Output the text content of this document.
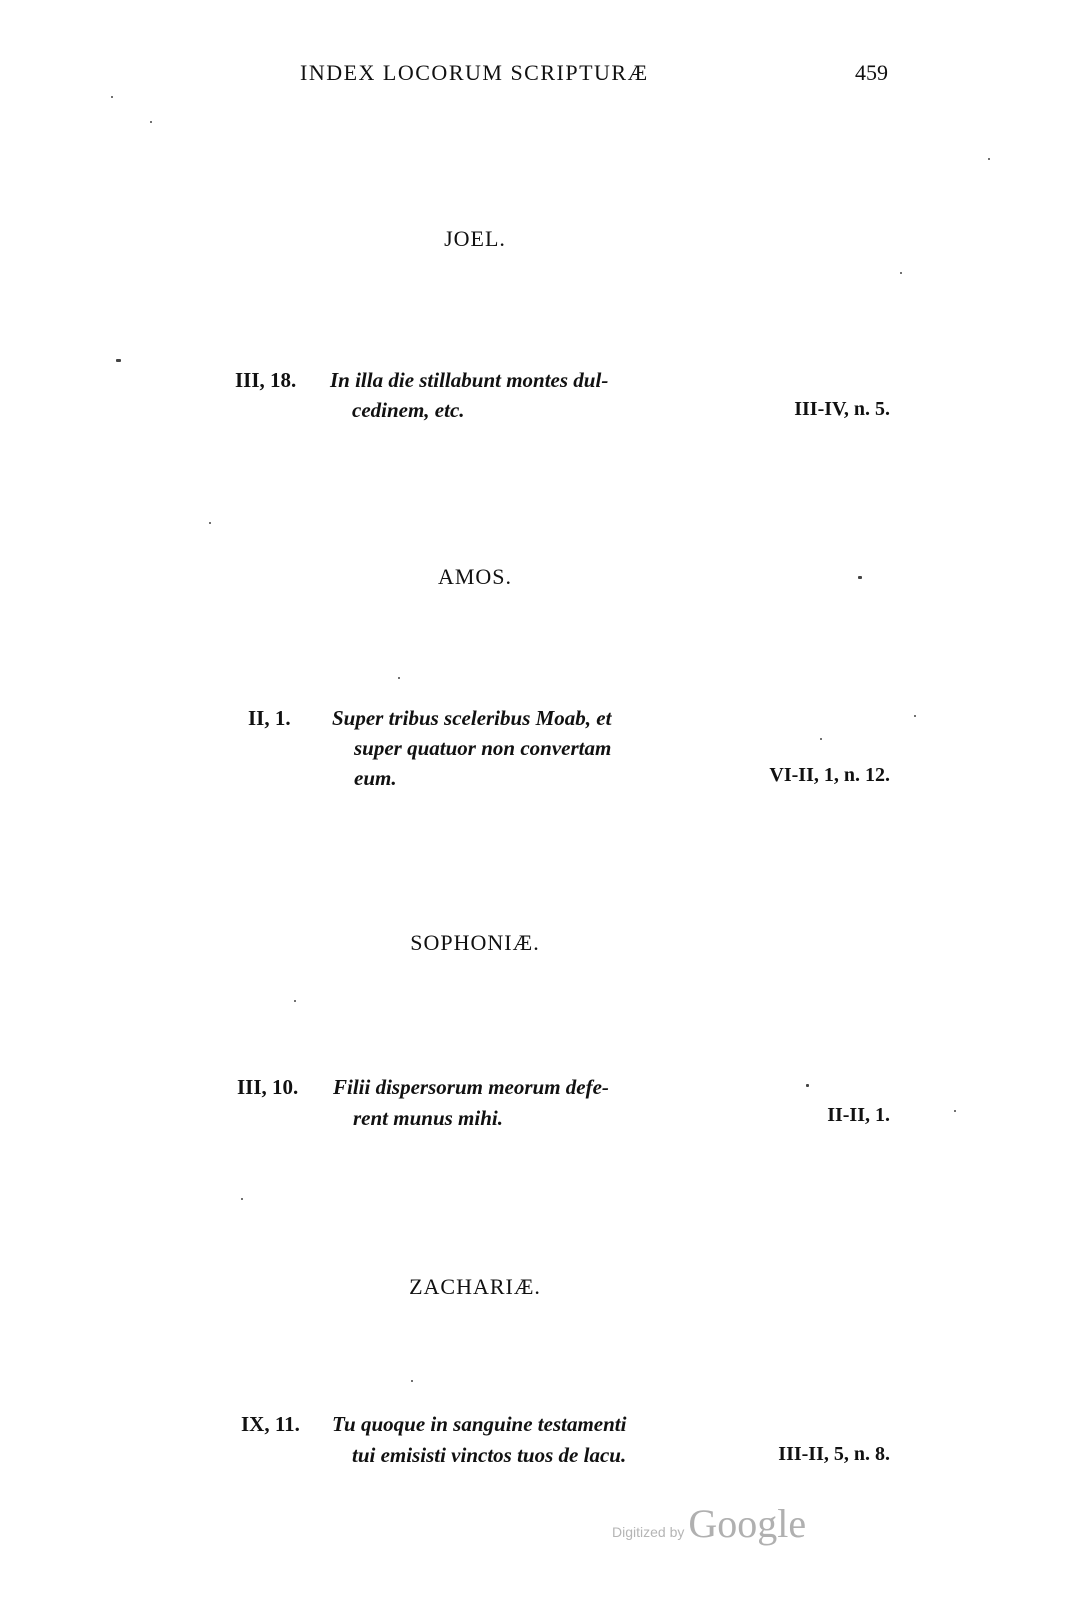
INDEX LOCORUM SCRIPTURÆ	459
JOEL.
III, 18. In illa die stillabunt montes dul-
cedinem, etc.	III-IV, n. 5.
AMOS.
II, 1. Super tribus sceleribus Moab, et
super quatuor non convertam
eum.	VI-II, 1, n. 12.
SOPHONIÆ.
III, 10. Filii dispersorum meorum defe-
rent munus mihi.	II-II, 1.
ZACHARIÆ.
IX, 11. Tu quoque in sanguine testamenti
tui emisisti vinctos tuos de lacu.	III-II, 5, n. 8.
Digitized by Google
